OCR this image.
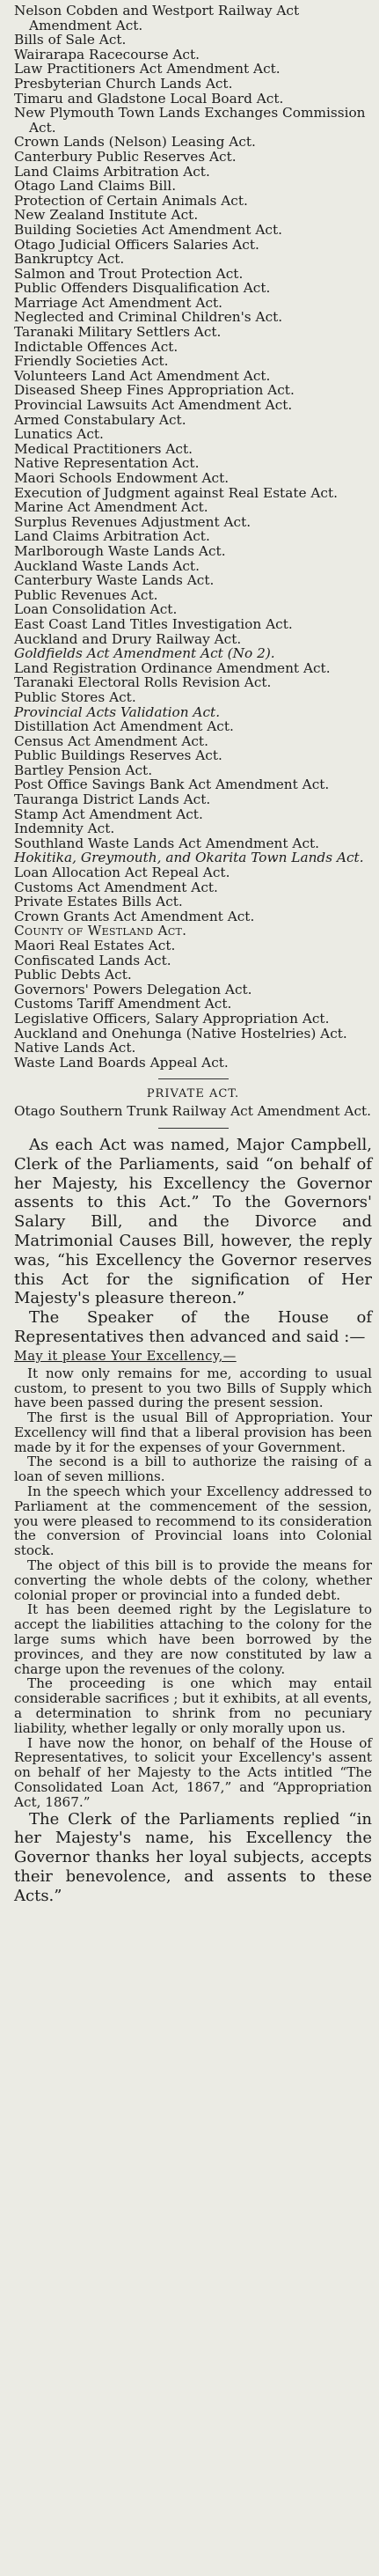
Nelson Cobden and Westport Railway Act Amendment Act.
Bills of Sale Act.
Wairarapa Racecourse Act.
Law Practitioners Act Amendment Act.
Presbyterian Church Lands Act.
Timaru and Gladstone Local Board Act.
New Plymouth Town Lands Exchanges Commission Act.
Crown Lands (Nelson) Leasing Act.
Canterbury Public Reserves Act.
Land Claims Arbitration Act.
Otago Land Claims Bill.
Protection of Certain Animals Act.
New Zealand Institute Act.
Building Societies Act Amendment Act.
Otago Judicial Officers Salaries Act.
Bankruptcy Act.
Salmon and Trout Protection Act.
Public Offenders Disqualification Act.
Marriage Act Amendment Act.
Neglected and Criminal Children's Act.
Taranaki Military Settlers Act.
Indictable Offences Act.
Friendly Societies Act.
Volunteers Land Act Amendment Act.
Diseased Sheep Fines Appropriation Act.
Provincial Lawsuits Act Amendment Act.
Armed Constabulary Act.
Lunatics Act.
Medical Practitioners Act.
Native Representation Act.
Maori Schools Endowment Act.
Execution of Judgment against Real Estate Act.
Marine Act Amendment Act.
Surplus Revenues Adjustment Act.
Land Claims Arbitration Act.
Marlborough Waste Lands Act.
Auckland Waste Lands Act.
Canterbury Waste Lands Act.
Public Revenues Act.
Loan Consolidation Act.
East Coast Land Titles Investigation Act.
Auckland and Drury Railway Act.
Goldfields Act Amendment Act (No 2).
Land Registration Ordinance Amendment Act.
Taranaki Electoral Rolls Revision Act.
Public Stores Act.
Provincial Acts Validation Act.
Distillation Act Amendment Act.
Census Act Amendment Act.
Public Buildings Reserves Act.
Bartley Pension Act.
Post Office Savings Bank Act Amendment Act.
Tauranga District Lands Act.
Stamp Act Amendment Act.
Indemnity Act.
Southland Waste Lands Act Amendment Act.
Hokitika, Greymouth, and Okarita Town Lands Act.
Loan Allocation Act Repeal Act.
Customs Act Amendment Act.
Private Estates Bills Act.
Crown Grants Act Amendment Act.
County of Westland Act.
Maori Real Estates Act.
Confiscated Lands Act.
Public Debts Act.
Governors' Powers Delegation Act.
Customs Tariff Amendment Act.
Legislative Officers, Salary Appropriation Act.
Auckland and Onehunga (Native Hostelries) Act.
Native Lands Act.
Waste Land Boards Appeal Act.
PRIVATE ACT.
Otago Southern Trunk Railway Act Amendment Act.

As each Act was named, Major Campbell, Clerk of the Parliaments, said “on behalf of her Majesty, his Excellency the Governor assents to this Act.” To the Governors' Salary Bill, and the Divorce and Matrimonial Causes Bill, however, the reply was, “his Excellency the Governor reserves this Act for the signification of Her Majesty's pleasure thereon.”

The Speaker of the House of Representatives then advanced and said :—

May it please Your Excellency,—

It now only remains for me, according to usual custom, to present to you two Bills of Supply which have been passed during the present session.

The first is the usual Bill of Appropriation. Your Excellency will find that a liberal provision has been made by it for the expenses of your Government.

The second is a bill to authorize the raising of a loan of seven millions.

In the speech which your Excellency addressed to Parliament at the commencement of the session, you were pleased to recommend to its consideration the conversion of Provincial loans into Colonial stock.

The object of this bill is to provide the means for converting the whole debts of the colony, whether colonial proper or provincial into a funded debt.

It has been deemed right by the Legislature to accept the liabilities attaching to the colony for the large sums which have been borrowed by the provinces, and they are now constituted by law a charge upon the revenues of the colony.

The proceeding is one which may entail considerable sacrifices ; but it exhibits, at all events, a determination to shrink from no pecuniary liability, whether legally or only morally upon us.

I have now the honor, on behalf of the House of Representatives, to solicit your Excellency's assent on behalf of her Majesty to the Acts intitled “The Consolidated Loan Act, 1867,” and “Appropriation Act, 1867.”

The Clerk of the Parliaments replied “in her Majesty's name, his Excellency the Governor thanks her loyal subjects, accepts their benevolence, and assents to these Acts.”
